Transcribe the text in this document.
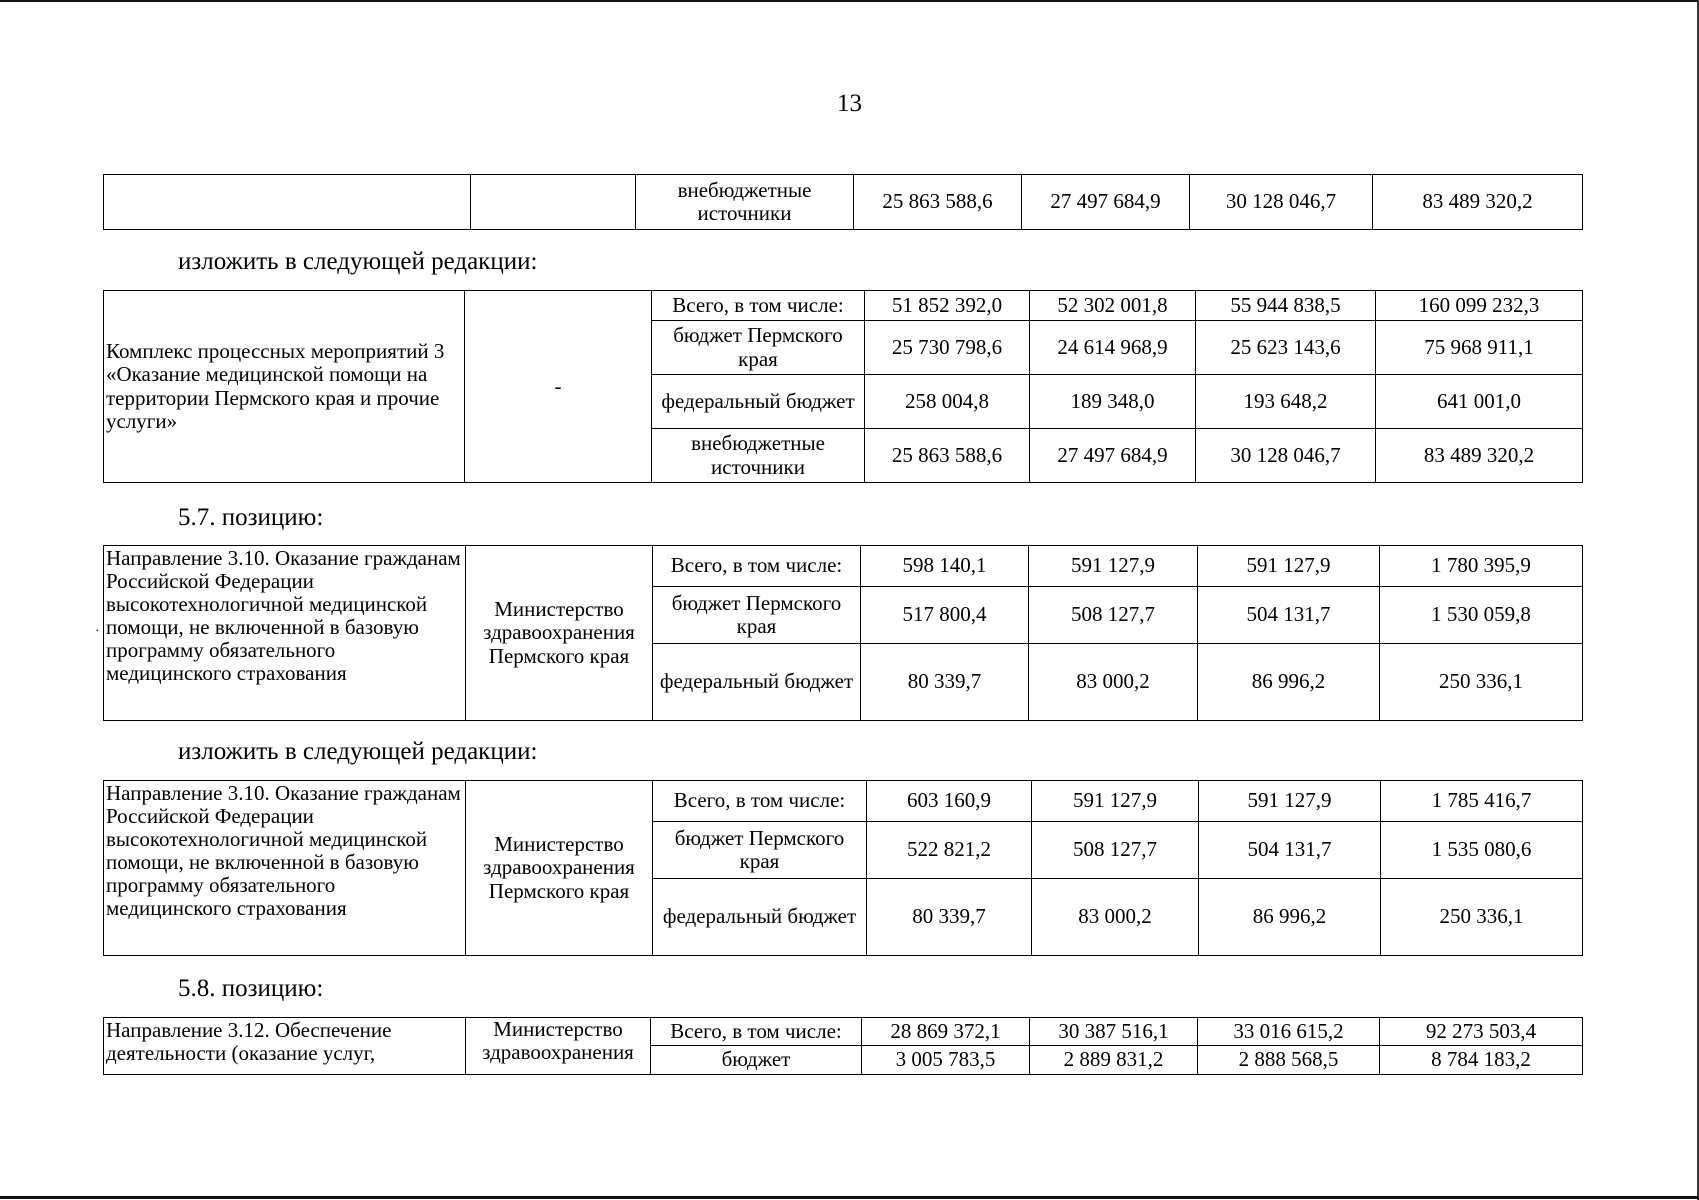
13
		внебюджетные источники	25 863 588,6	27 497 684,9	30 128 046,7	83 489 320,2
изложить в следующей редакции:
Комплекс процессных мероприятий 3 «Оказание медицинской помощи на территории Пермского края и прочие услуги»	-	Всего, в том числе:	51 852 392,0	52 302 001,8	55 944 838,5	160 099 232,3
		бюджет Пермского края	25 730 798,6	24 614 968,9	25 623 143,6	75 968 911,1
		федеральный бюджет	258 004,8	189 348,0	193 648,2	641 001,0
		внебюджетные источники	25 863 588,6	27 497 684,9	30 128 046,7	83 489 320,2
5.7. позицию:
·
Направление 3.10. Оказание гражданам Российской Федерации высокотехнологичной медицинской помощи, не включенной в базовую программу обязательного медицинского страхования	Министерство здравоохранения Пермского края	Всего, в том числе:	598 140,1	591 127,9	591 127,9	1 780 395,9
		бюджет Пермского края	517 800,4	508 127,7	504 131,7	1 530 059,8
		федеральный бюджет	80 339,7	83 000,2	86 996,2	250 336,1
изложить в следующей редакции:
Направление 3.10. Оказание гражданам Российской Федерации высокотехнологичной медицинской помощи, не включенной в базовую программу обязательного медицинского страхования	Министерство здравоохранения Пермского края	Всего, в том числе:	603 160,9	591 127,9	591 127,9	1 785 416,7
		бюджет Пермского края	522 821,2	508 127,7	504 131,7	1 535 080,6
		федеральный бюджет	80 339,7	83 000,2	86 996,2	250 336,1
5.8. позицию:
Направление 3.12. Обеспечение деятельности (оказание услуг,	Министерство здравоохранения	Всего, в том числе:	28 869 372,1	30 387 516,1	33 016 615,2	92 273 503,4
		бюджет	3 005 783,5	2 889 831,2	2 888 568,5	8 784 183,2
